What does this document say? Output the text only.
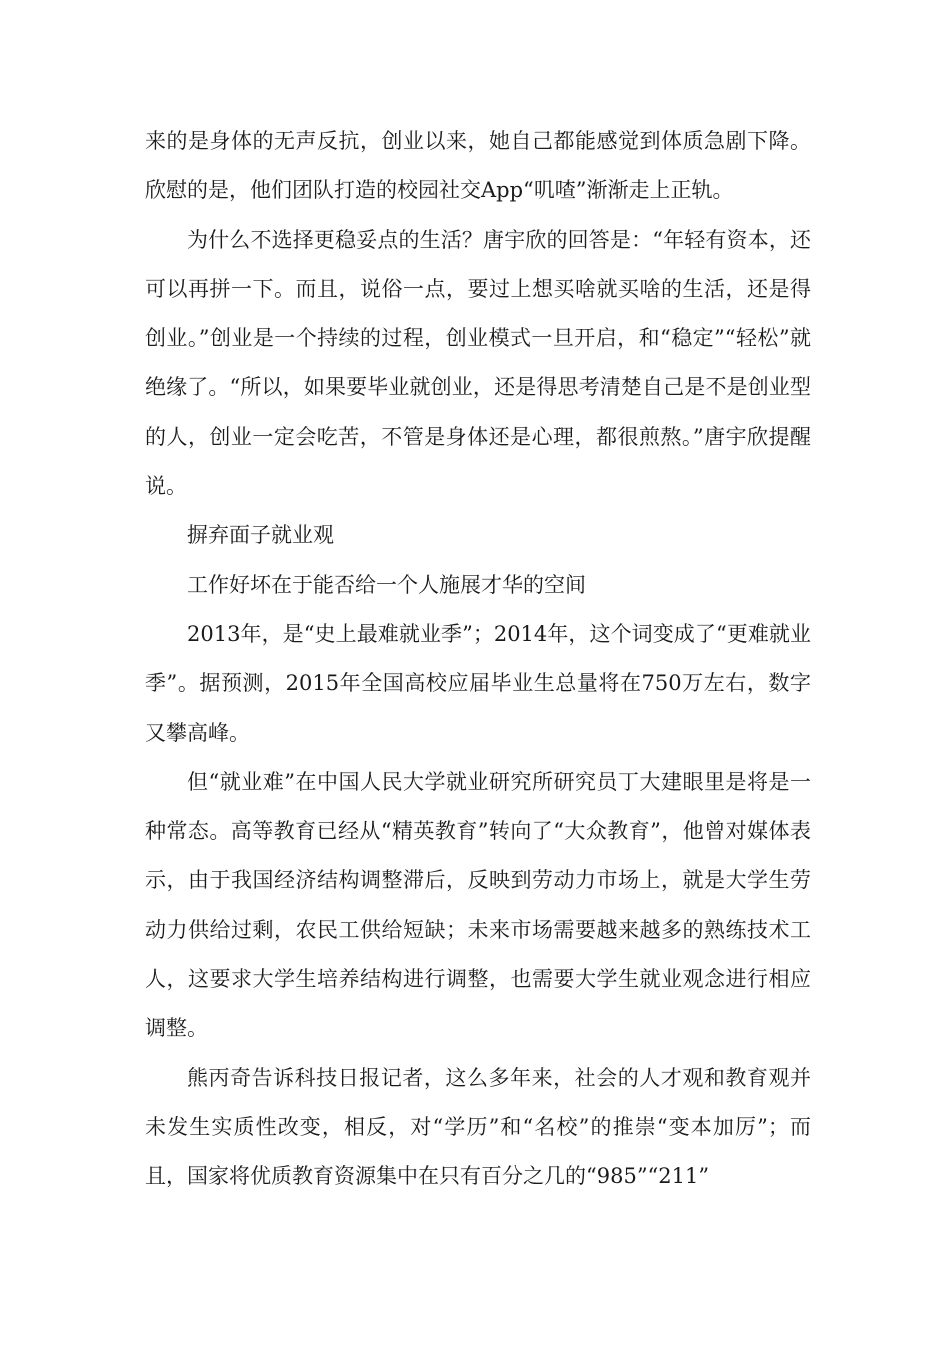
来的是身体的无声反抗，创业以来，她自己都能感觉到体质急剧下降。欣慰的是，他们团队打造的校园社交App“叽喳”渐渐走上正轨。

为什么不选择更稳妥点的生活？唐宇欣的回答是：“年轻有资本，还可以再拼一下。而且，说俗一点，要过上想买啥就买啥的生活，还是得创业。”创业是一个持续的过程，创业模式一旦开启，和“稳定”“轻松”就绝缘了。“所以，如果要毕业就创业，还是得思考清楚自己是不是创业型的人，创业一定会吃苦，不管是身体还是心理，都很煎熬。”唐宇欣提醒说。

摒弃面子就业观

工作好坏在于能否给一个人施展才华的空间

2013年，是“史上最难就业季”；2014年，这个词变成了“更难就业季”。据预测，2015年全国高校应届毕业生总量将在750万左右，数字又攀高峰。

但“就业难”在中国人民大学就业研究所研究员丁大建眼里是将是一种常态。高等教育已经从“精英教育”转向了“大众教育”，他曾对媒体表示，由于我国经济结构调整滞后，反映到劳动力市场上，就是大学生劳动力供给过剩，农民工供给短缺；未来市场需要越来越多的熟练技术工人，这要求大学生培养结构进行调整，也需要大学生就业观念进行相应调整。

熊丙奇告诉科技日报记者，这么多年来，社会的人才观和教育观并未发生实质性改变，相反，对“学历”和“名校”的推崇“变本加厉”；而且，国家将优质教育资源集中在只有百分之几的“985”“211”
